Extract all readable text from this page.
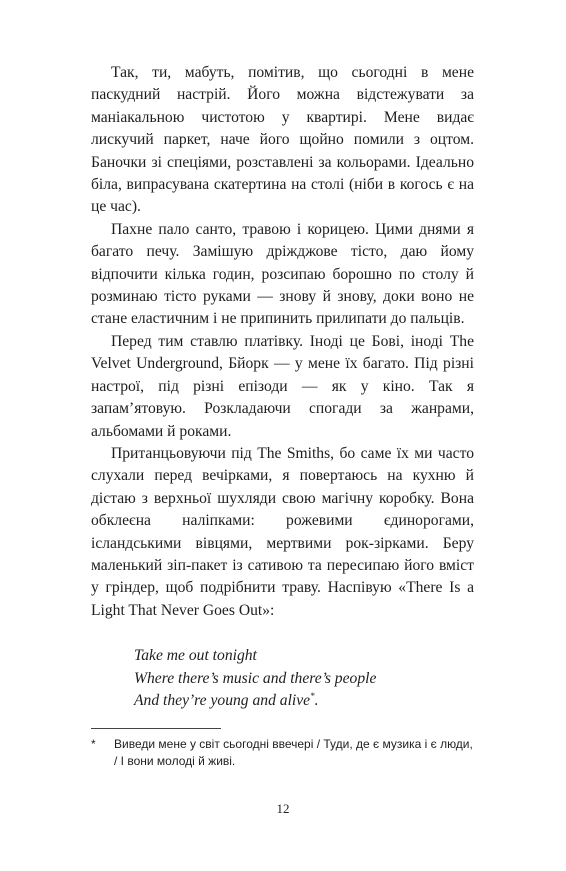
Так, ти, мабуть, помітив, що сьогодні в мене паскудний настрій. Його можна відстежувати за маніакальною чистотою у квартирі. Мене видає лискучий паркет, наче його щойно помили з оцтом. Баночки зі спеціями, розставлені за кольорами. Ідеально біла, випрасувана скатертина на столі (ніби в когось є на це час).

Пахне пало санто, травою і корицею. Цими днями я багато печу. Замішую дріжджове тісто, даю йому відпочити кілька годин, розсипаю борошно по столу й розминаю тісто руками — знову й знову, доки воно не стане еластичним і не припинить прилипати до пальців.

Перед тим ставлю платівку. Іноді це Бові, іноді The Velvet Underground, Бйорк — у мене їх багато. Під різні настрої, під різні епізоди — як у кіно. Так я запам’ятовую. Розкладаючи спогади за жанрами, альбомами й роками.

Пританцьовуючи під The Smiths, бо саме їх ми часто слухали перед вечірками, я повертаюсь на кухню й дістаю з верхньої шухляди свою магічну коробку. Вона обклеєна наліпками: рожевими єдинорогами, ісландськими вівцями, мертвими рок-зірками. Беру маленький зіп-пакет із сативою та пересипаю його вміст у гріндер, щоб подрібнити траву. Наспівую «There Is a Light That Never Goes Out»:

Take me out tonight
Where there’s music and there’s people
And they’re young and alive*.
* Виведи мене у світ сьогодні ввечері / Туди, де є музика і є люди, / І вони молоді й живі.
12
